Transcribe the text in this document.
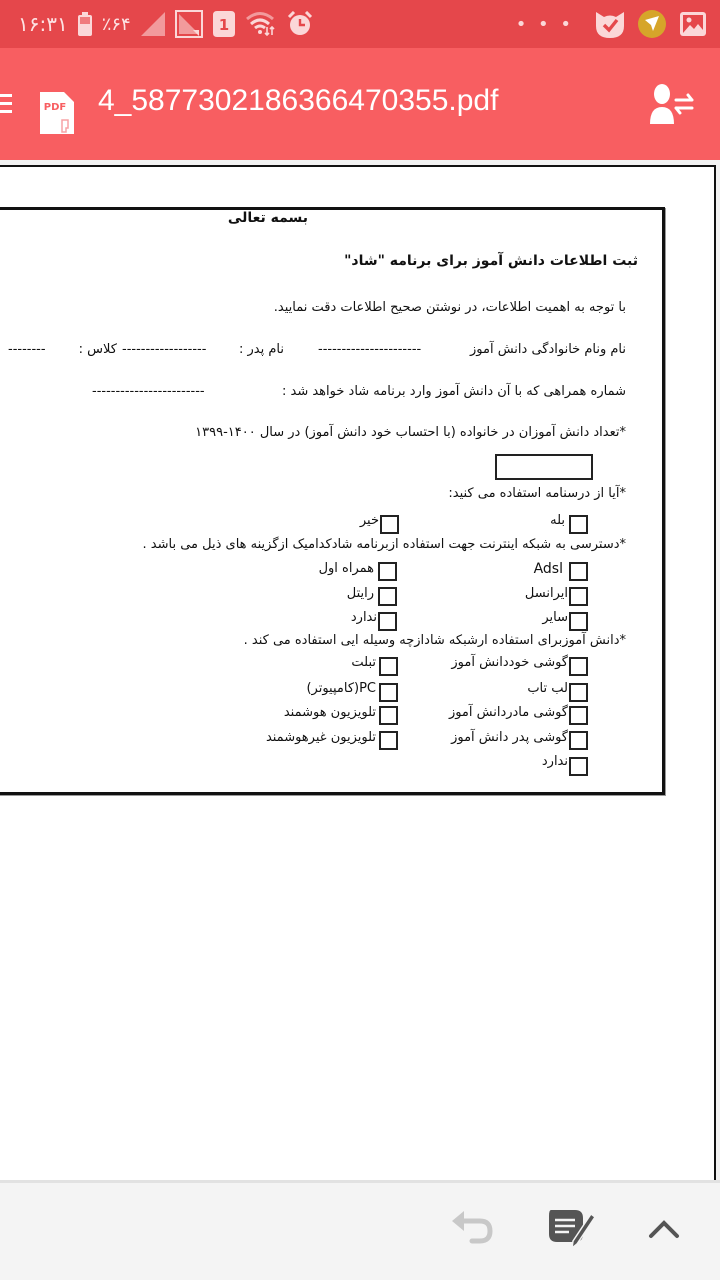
۱۶:۳۱ ٪۶۴	1	• • •
PDF 4_5877302186366470355.pdf
بسمه تعالی
ثبت اطلاعات دانش آموز برای برنامه "شاد"
با توجه به اهمیت اطلاعات، در نوشتن صحیح اطلاعات دقت نمایید.
نام ونام خانوادگی دانش آموز
----------------------
نام پدر :
------------------
کلاس :
--------
شماره همراهی که با آن دانش آموز وارد برنامه شاد خواهد شد :
------------------------
*تعداد دانش آموزان در خانواده (با احتساب خود دانش آموز) در سال ۱۴۰۰-۱۳۹۹
*آیا از درسنامه استفاده می کنید:
بله
خیر
*دسترسی به شبکه اینترنت جهت استفاده ازبرنامه شادکدامیک ازگزینه های ذیل می باشد .
Adsl
ایرانسل
سایر
همراه اول
رایتل
ندارد
*دانش آموزبرای استفاده ارشبکه شادازچه وسیله ایی استفاده می کند .
گوشی خوددانش آموز
لب تاب
گوشی مادردانش آموز
گوشی پدر دانش آموز
ندارد
تبلت
PC(کامپیوتر)
تلویزیون هوشمند
تلویزیون غیرهوشمند
